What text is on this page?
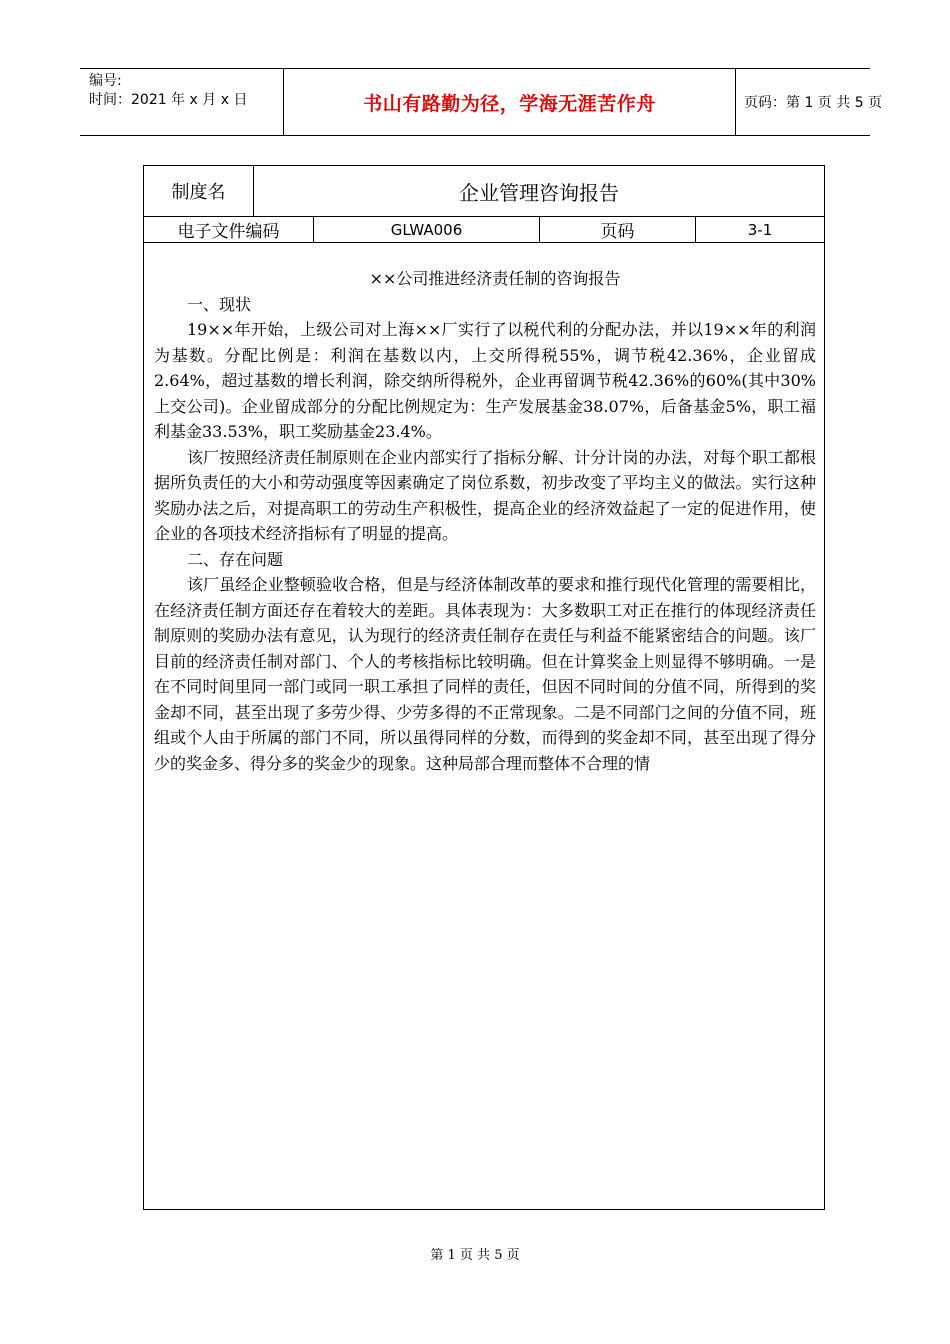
编号:
时间：2021 年 x 月 x 日	书山有路勤为径，学海无涯苦作舟	页码：第 1 页 共 5 页
制度名	企业管理咨询报告
电子文件编码	GLWA006	页码	3-1

××公司推进经济责任制的咨询报告

一、现状

19××年开始，上级公司对上海××厂实行了以税代利的分配办法，并以19××年的利润为基数。分配比例是：利润在基数以内，上交所得税55%，调节税42.36%，企业留成2.64%，超过基数的增长利润，除交纳所得税外，企业再留调节税42.36%的60%(其中30%上交公司)。企业留成部分的分配比例规定为：生产发展基金38.07%，后备基金5%，职工福利基金33.53%，职工奖励基金23.4%。

该厂按照经济责任制原则在企业内部实行了指标分解、计分计岗的办法，对每个职工都根据所负责任的大小和劳动强度等因素确定了岗位系数，初步改变了平均主义的做法。实行这种奖励办法之后，对提高职工的劳动生产积极性，提高企业的经济效益起了一定的促进作用，使企业的各项技术经济指标有了明显的提高。

二、存在问题

该厂虽经企业整顿验收合格，但是与经济体制改革的要求和推行现代化管理的需要相比，在经济责任制方面还存在着较大的差距。具体表现为：大多数职工对正在推行的体现经济责任制原则的奖励办法有意见，认为现行的经济责任制存在责任与利益不能紧密结合的问题。该厂目前的经济责任制对部门、个人的考核指标比较明确。但在计算奖金上则显得不够明确。一是在不同时间里同一部门或同一职工承担了同样的责任，但因不同时间的分值不同，所得到的奖金却不同，甚至出现了多劳少得、少劳多得的不正常现象。二是不同部门之间的分值不同，班组或个人由于所属的部门不同，所以虽得同样的分数，而得到的奖金却不同，甚至出现了得分少的奖金多、得分多的奖金少的现象。这种局部合理而整体不合理的情

第 1 页 共 5 页
